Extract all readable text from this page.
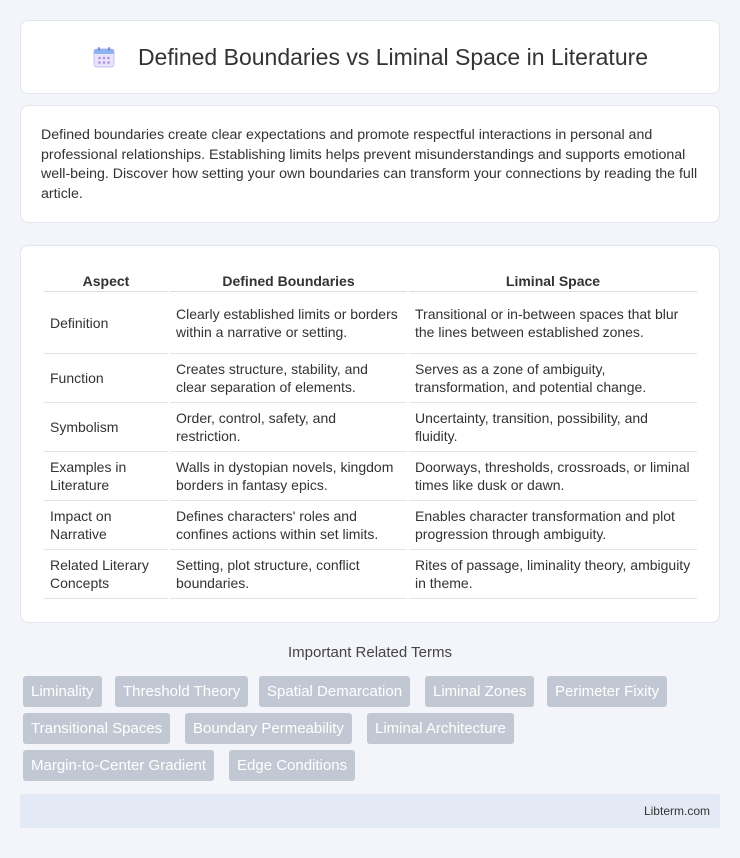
Defined Boundaries vs Liminal Space in Literature

Defined boundaries create clear expectations and promote respectful interactions in personal and professional relationships. Establishing limits helps prevent misunderstandings and supports emotional well-being. Discover how setting your own boundaries can transform your connections by reading the full article.

Aspect	Defined Boundaries	Liminal Space
Definition	Clearly established limits or borders within a narrative or setting.	Transitional or in-between spaces that blur the lines between established zones.
Function	Creates structure, stability, and clear separation of elements.	Serves as a zone of ambiguity, transformation, and potential change.
Symbolism	Order, control, safety, and restriction.	Uncertainty, transition, possibility, and fluidity.
Examples in Literature	Walls in dystopian novels, kingdom borders in fantasy epics.	Doorways, thresholds, crossroads, or liminal times like dusk or dawn.
Impact on Narrative	Defines characters' roles and confines actions within set limits.	Enables character transformation and plot progression through ambiguity.
Related Literary Concepts	Setting, plot structure, conflict boundaries.	Rites of passage, liminality theory, ambiguity in theme.
Important Related Terms
Liminality	Threshold Theory	Spatial Demarcation	Liminal Zones	Perimeter Fixity
Transitional Spaces	Boundary Permeability	Liminal Architecture
Margin-to-Center Gradient	Edge Conditions
Libterm.com
